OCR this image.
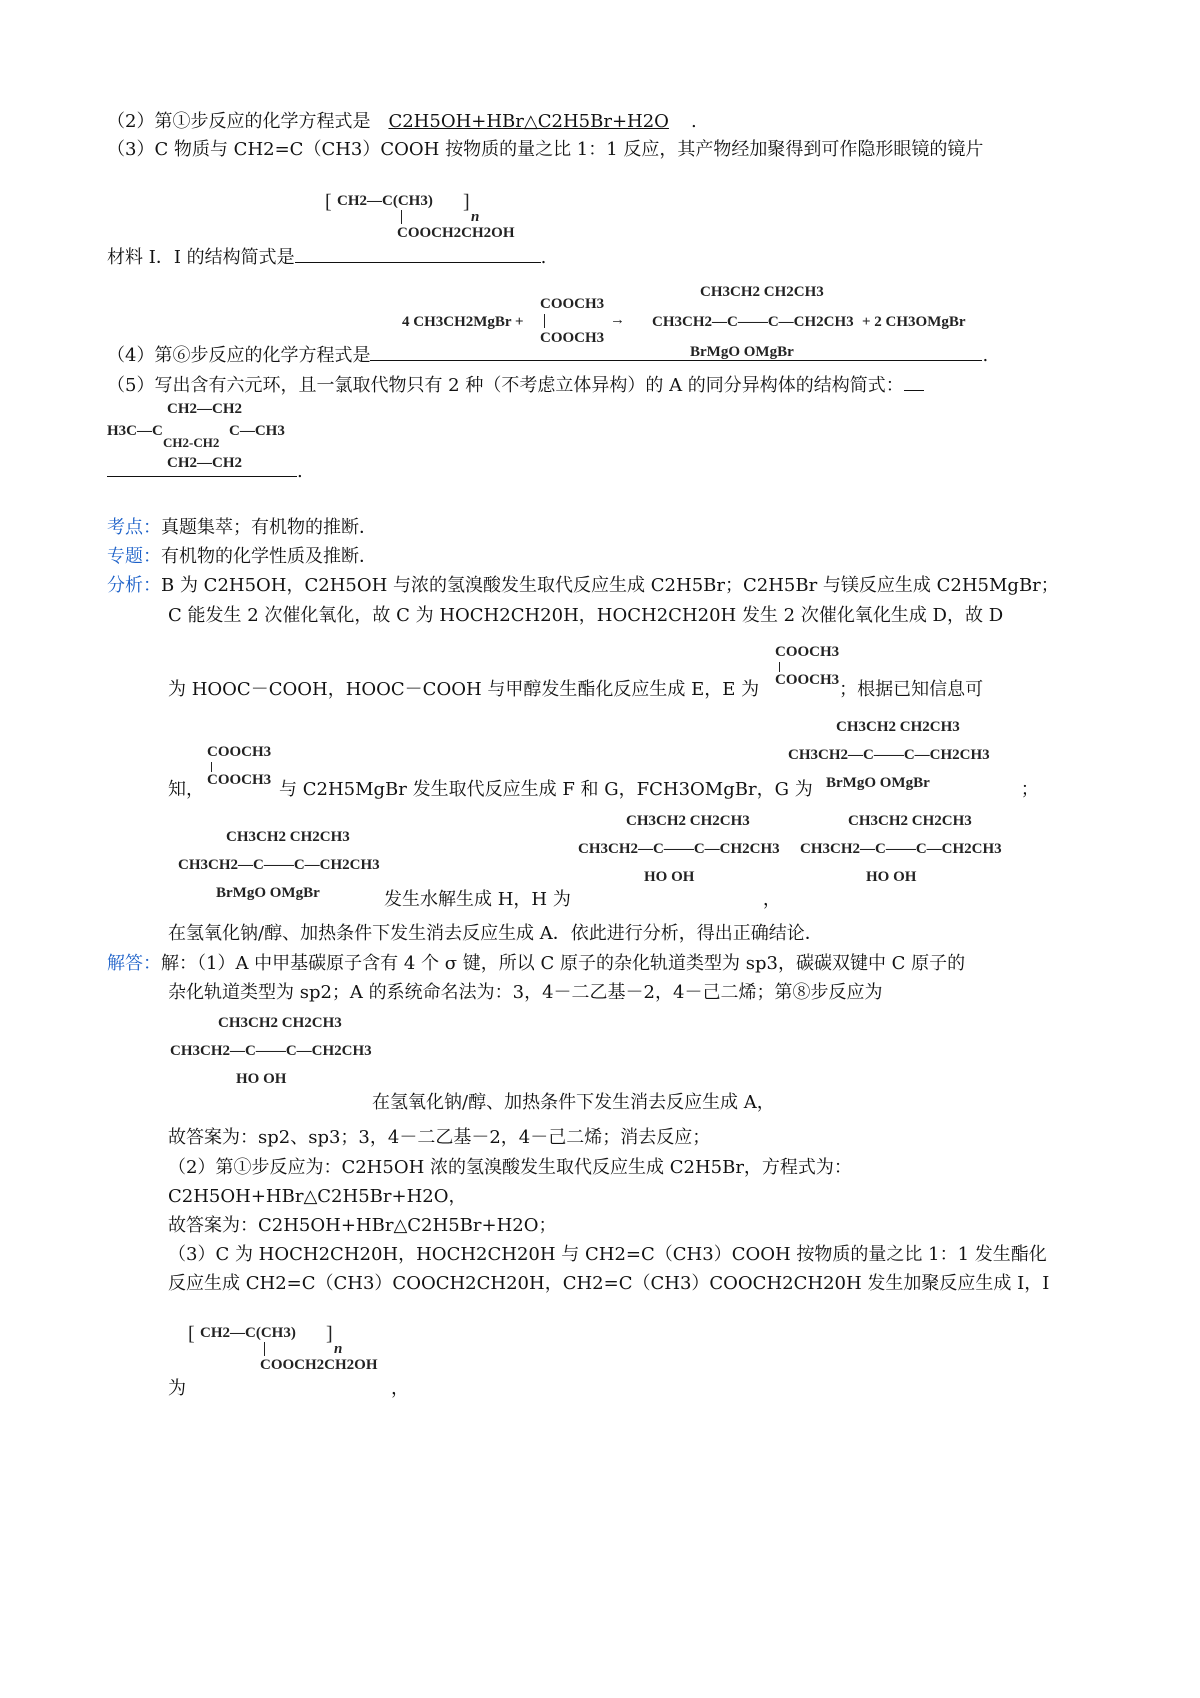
（2）第①步反应的化学方程式是 C2H5OH+HBr△C2H5Br+H2O .
（3）C 物质与 CH2=C（CH3）COOH 按物质的量之比 1：1 反应，其产物经加聚得到可作隐形眼镜的镜片
[ CH2—C(CH3) ]
n
COOCH2CH2OH
材料 I．I 的结构简式是	.
4 CH3CH2MgBr +
COOCH3
COOCH3
→
CH3CH2 CH2CH3
CH3CH2—C——C—CH2CH3
BrMgO OMgBr
+ 2 CH3OMgBr
（4）第⑥步反应的化学方程式是	.
（5）写出含有六元环，且一氯取代物只有 2 种（不考虑立体异构）的 A 的同分异构体的结构简式：
CH2—CH2
H3C—C
CH2-CH2
C—CH3
CH2—CH2	.
考点：真题集萃；有机物的推断．
专题：有机物的化学性质及推断．
分析：B 为 C2H5OH，C2H5OH 与浓的氢溴酸发生取代反应生成 C2H5Br；C2H5Br 与镁反应生成 C2H5MgBr；
C 能发生 2 次催化氧化，故 C 为 HOCH2CH20H，HOCH2CH20H 发生 2 次催化氧化生成 D，故 D
COOCH3
COOCH3
为 HOOC－COOH，HOOC－COOH 与甲醇发生酯化反应生成 E，E 为	；根据已知信息可
COOCH3
COOCH3
CH3CH2 CH2CH3
CH3CH2—C——C—CH2CH3
BrMgO OMgBr
知，	与 C2H5MgBr 发生取代反应生成 F 和 G，FCH3OMgBr，G 为	；
CH3CH2 CH2CH3
CH3CH2—C——C—CH2CH3
BrMgO OMgBr
CH3CH2 CH2CH3
CH3CH2—C——C—CH2CH3
HO OH
CH3CH2 CH2CH3
CH3CH2—C——C—CH2CH3
HO OH
发生水解生成 H，H 为	，
在氢氧化钠/醇、加热条件下发生消去反应生成 A．依此进行分析，得出正确结论．
解答：解：（1）A 中甲基碳原子含有 4 个 σ 键，所以 C 原子的杂化轨道类型为 sp3，碳碳双键中 C 原子的
杂化轨道类型为 sp2；A 的系统命名法为：3，4－二乙基－2，4－己二烯；第⑧步反应为
CH3CH2 CH2CH3
CH3CH2—C——C—CH2CH3
HO OH
在氢氧化钠/醇、加热条件下发生消去反应生成 A，
故答案为：sp2、sp3；3，4－二乙基－2，4－己二烯；消去反应；
（2）第①步反应为：C2H5OH 浓的氢溴酸发生取代反应生成 C2H5Br，方程式为：
C2H5OH+HBr△C2H5Br+H2O，
故答案为：C2H5OH+HBr△C2H5Br+H2O；
（3）C 为 HOCH2CH20H，HOCH2CH20H 与 CH2=C（CH3）COOH 按物质的量之比 1：1 发生酯化
反应生成 CH2=C（CH3）COOCH2CH20H，CH2=C（CH3）COOCH2CH20H 发生加聚反应生成 I，I
[ CH2—C(CH3) ]
n
COOCH2CH2OH
为	，
